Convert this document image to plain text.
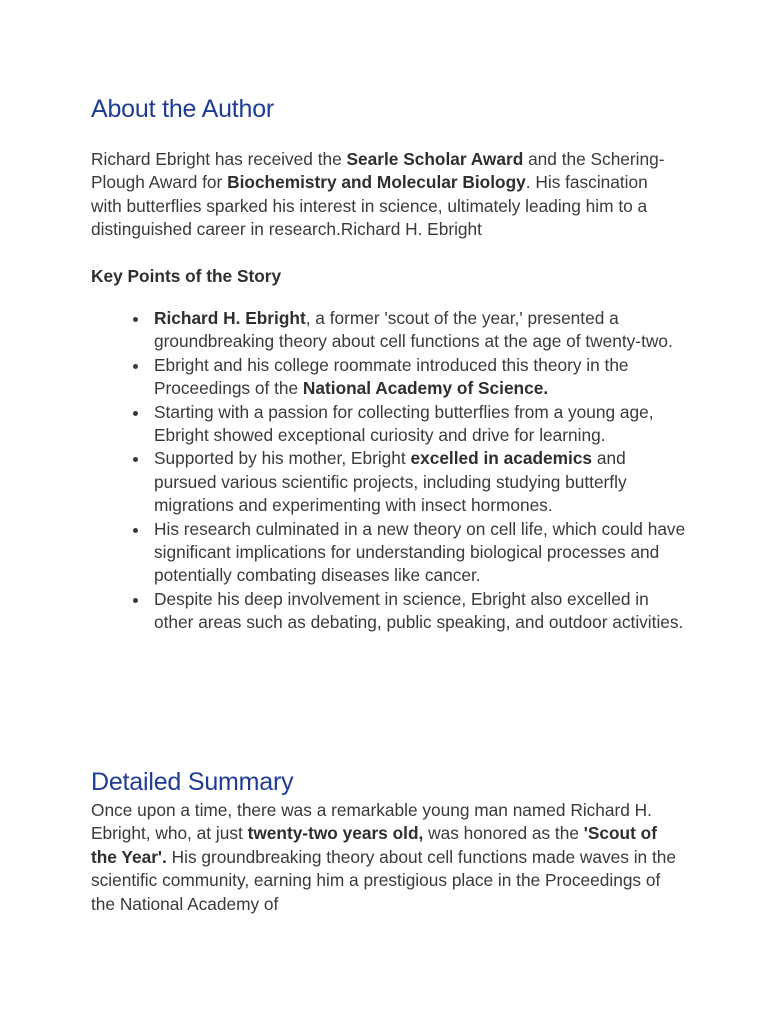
About the Author

Richard Ebright has received the Searle Scholar Award and the Schering-Plough Award for Biochemistry and Molecular Biology. His fascination with butterflies sparked his interest in science, ultimately leading him to a distinguished career in research.Richard H. Ebright

Key Points of the Story

Richard H. Ebright, a former 'scout of the year,' presented a groundbreaking theory about cell functions at the age of twenty-two.
Ebright and his college roommate introduced this theory in the Proceedings of the National Academy of Science.
Starting with a passion for collecting butterflies from a young age, Ebright showed exceptional curiosity and drive for learning.
Supported by his mother, Ebright excelled in academics and pursued various scientific projects, including studying butterfly migrations and experimenting with insect hormones.
His research culminated in a new theory on cell life, which could have significant implications for understanding biological processes and potentially combating diseases like cancer.
Despite his deep involvement in science, Ebright also excelled in other areas such as debating, public speaking, and outdoor activities.
Detailed Summary

Once upon a time, there was a remarkable young man named Richard H. Ebright, who, at just twenty-two years old, was honored as the 'Scout of the Year'. His groundbreaking theory about cell functions made waves in the scientific community, earning him a prestigious place in the Proceedings of the National Academy of
